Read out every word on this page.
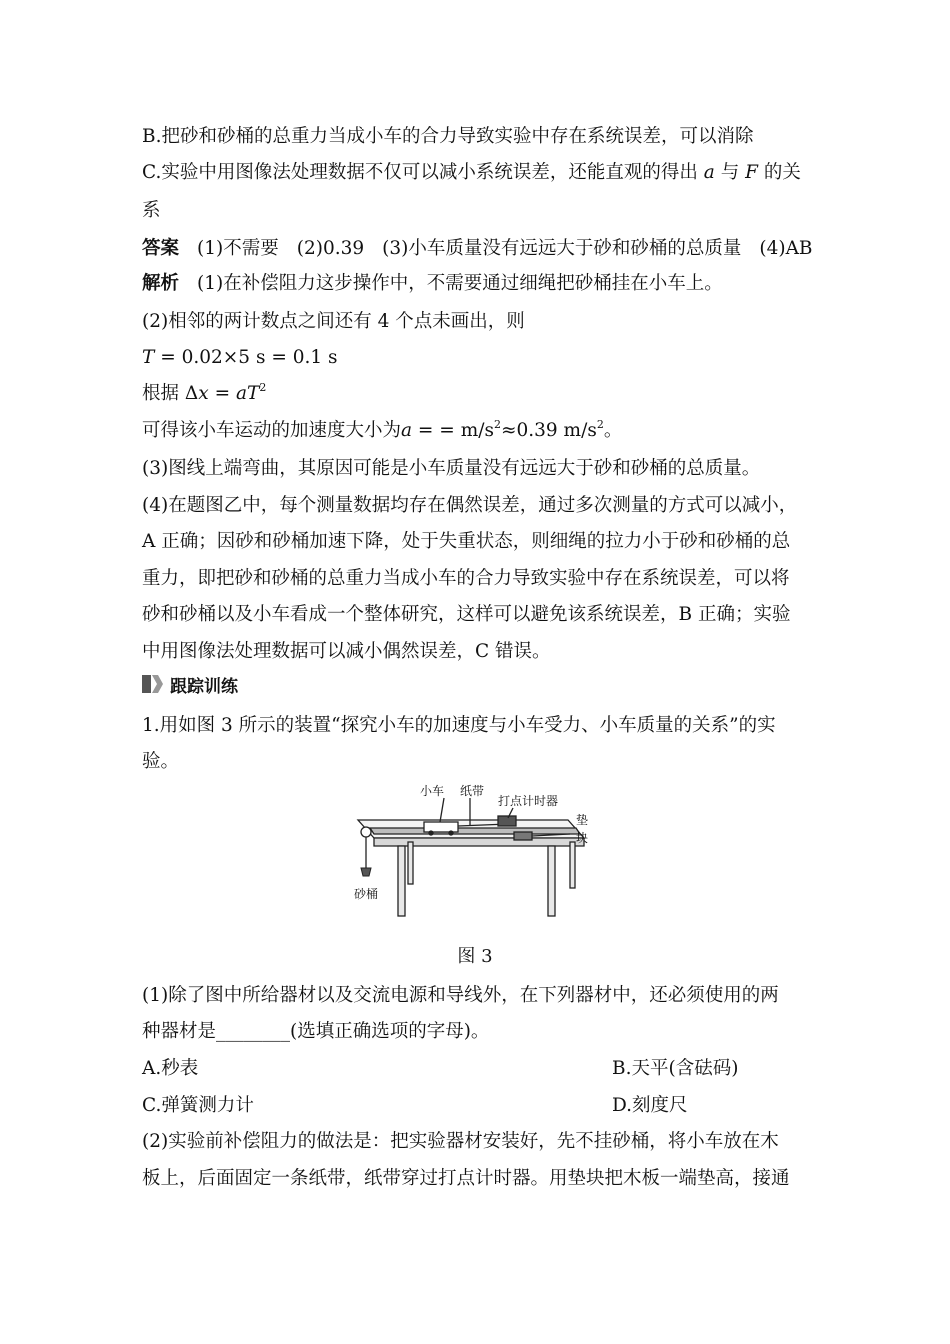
B.把砂和砂桶的总重力当成小车的合力导致实验中存在系统误差，可以消除
C.实验中用图像法处理数据不仅可以减小系统误差，还能直观的得出 a 与 F 的关
系
答案 (1)不需要 (2)0.39 (3)小车质量没有远远大于砂和砂桶的总质量 (4)AB
解析 (1)在补偿阻力这步操作中，不需要通过细绳把砂桶挂在小车上。
(2)相邻的两计数点之间还有 4 个点未画出，则
T = 0.02×5 s = 0.1 s
根据 $\Delta x = aT^2$
可得该小车运动的加速度大小为a = = $m/s^2\approx 0.39$ $m/s^2$。
(3)图线上端弯曲，其原因可能是小车质量没有远远大于砂和砂桶的总质量。
(4)在题图乙中，每个测量数据均存在偶然误差，通过多次测量的方式可以减小，
A 正确；因砂和砂桶加速下降，处于失重状态，则细绳的拉力小于砂和砂桶的总
重力，即把砂和砂桶的总重力当成小车的合力导致实验中存在系统误差，可以将
砂和砂桶以及小车看成一个整体研究，这样可以避免该系统误差，B 正确；实验
中用图像法处理数据可以减小偶然误差，C 错误。
跟踪训练
1.用如图 3 所示的装置“探究小车的加速度与小车受力、小车质量的关系”的实
验。
小车 纸带
打点计时器
垫
块
砂桶
图 3
(1)除了图中所给器材以及交流电源和导线外，在下列器材中，还必须使用的两
种器材是________(选填正确选项的字母)。
A.秒表	B.天平(含砝码)
C.弹簧测力计	D.刻度尺
(2)实验前补偿阻力的做法是：把实验器材安装好，先不挂砂桶，将小车放在木
板上，后面固定一条纸带，纸带穿过打点计时器。用垫块把木板一端垫高，接通
